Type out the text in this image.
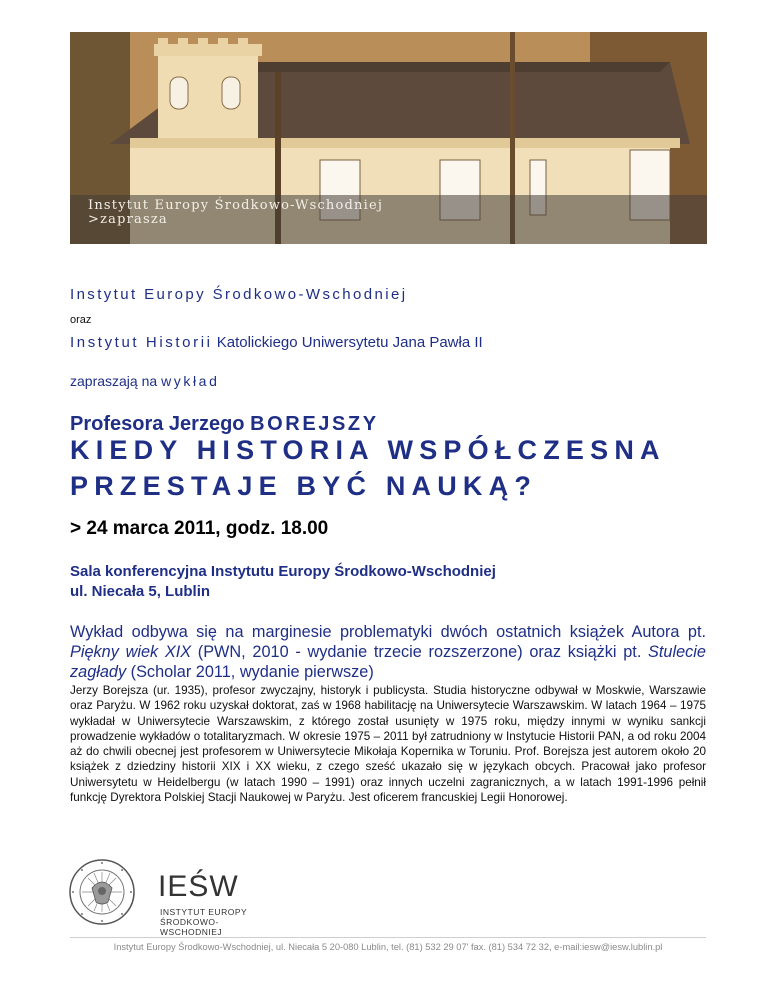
Instytut Europy Środkowo-Wschodniej
>zaprasza
Instytut Europy Środkowo-Wschodniej
oraz
Instytut Historii Katolickiego Uniwersytetu Jana Pawła II
zapraszają na wykład
Profesora Jerzego BOREJSZY
KIEDY HISTORIA WSPÓŁCZESNA
PRZESTAJE BYĆ NAUKĄ?
> 24 marca 2011, godz. 18.00
Sala konferencyjna Instytutu Europy Środkowo-Wschodniej
ul. Niecała 5, Lublin
Wykład odbywa się na marginesie problematyki dwóch ostatnich książek Autora pt. Piękny wiek XIX (PWN, 2010 - wydanie trzecie rozszerzone) oraz książki pt. Stulecie zagłady (Scholar 2011, wydanie pierwsze)
Jerzy Borejsza (ur. 1935), profesor zwyczajny, historyk i publicysta. Studia historyczne odbywał w Moskwie, Warszawie oraz Paryżu. W 1962 roku uzyskał doktorat, zaś w 1968 habilitację na Uniwersytecie Warszawskim. W latach 1964 – 1975 wykładał w Uniwersytecie Warszawskim, z którego został usunięty w 1975 roku, między innymi w wyniku sankcji prowadzenie wykładów o totalitaryzmach. W okresie 1975 – 2011 był zatrudniony w Instytucie Historii PAN, a od roku 2004 aż do chwili obecnej jest profesorem w Uniwersytecie Mikołaja Kopernika w Toruniu. Prof. Borejsza jest autorem około 20 książek z dziedziny historii XIX i XX wieku, z czego sześć ukazało się w językach obcych. Pracował jako profesor Uniwersytetu w Heidelbergu (w latach 1990 – 1991) oraz innych uczelni zagranicznych, a w latach 1991-1996 pełnił funkcję Dyrektora Polskiej Stacji Naukowej w Paryżu. Jest oficerem francuskiej Legii Honorowej.
IEŚW
INSTYTUT EUROPY
ŚRODKOWO-WSCHODNIEJ
Instytut Europy Środkowo-Wschodniej, ul. Niecała 5 20-080 Lublin, tel. (81) 532 29 07' fax. (81) 534 72 32, e-mail:iesw@iesw.lublin.pl
